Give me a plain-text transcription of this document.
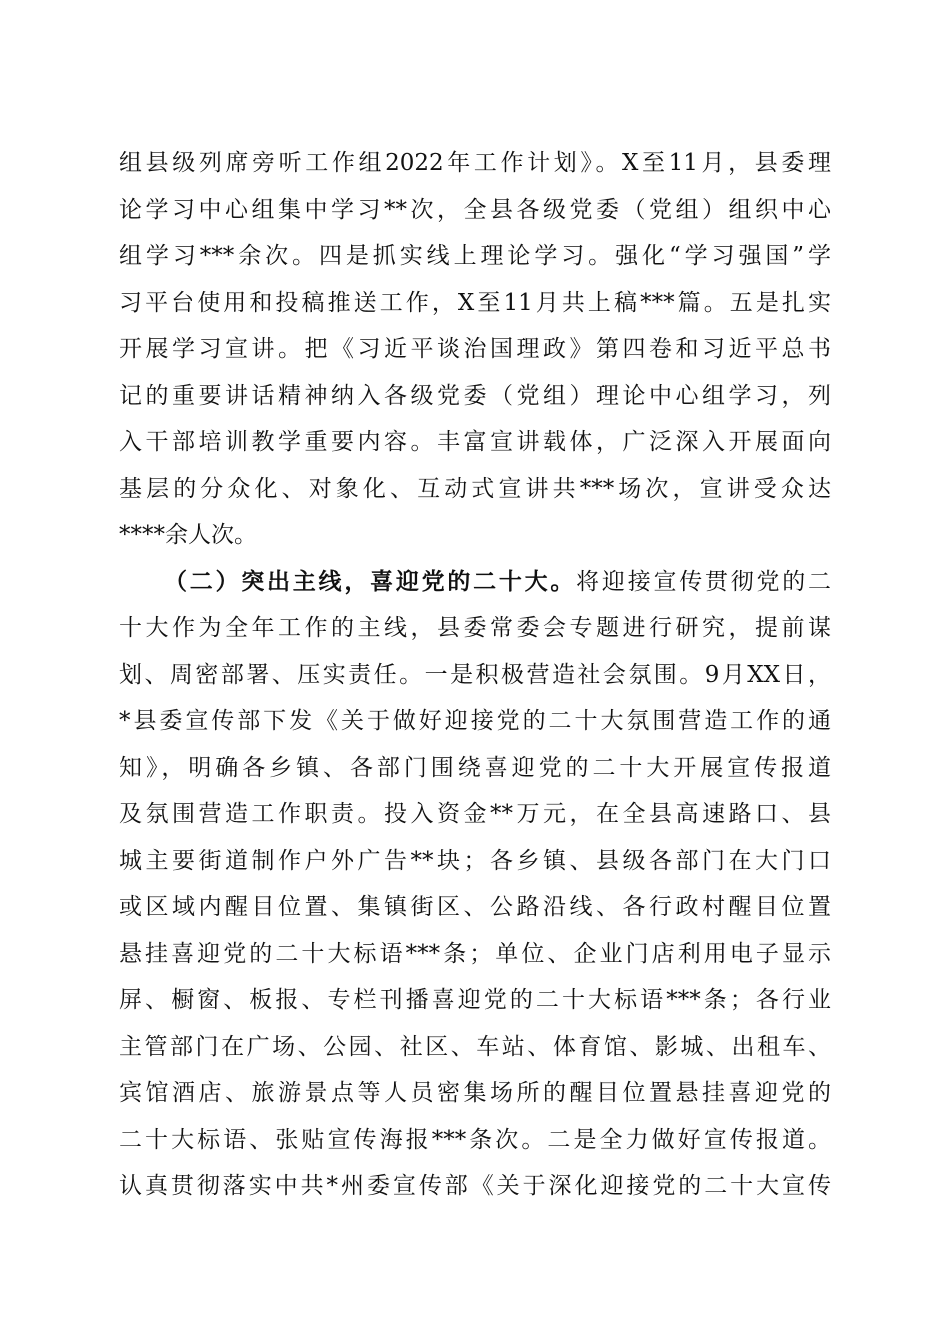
组县级列席旁听工作组2022年工作计划》。X至11月，县委理
论学习中心组集中学习**次，全县各级党委（党组）组织中心
组学习***余次。四是抓实线上理论学习。强化“学习强国”学
习平台使用和投稿推送工作，X至11月共上稿***篇。五是扎实
开展学习宣讲。把《习近平谈治国理政》第四卷和习近平总书
记的重要讲话精神纳入各级党委（党组）理论中心组学习，列
入干部培训教学重要内容。丰富宣讲载体，广泛深入开展面向
基层的分众化、对象化、互动式宣讲共***场次，宣讲受众达
****余人次。
（二）突出主线，喜迎党的二十大。将迎接宣传贯彻党的二
十大作为全年工作的主线，县委常委会专题进行研究，提前谋
划、周密部署、压实责任。一是积极营造社会氛围。9月XX日，
*县委宣传部下发《关于做好迎接党的二十大氛围营造工作的通
知》，明确各乡镇、各部门围绕喜迎党的二十大开展宣传报道
及氛围营造工作职责。投入资金**万元，在全县高速路口、县
城主要街道制作户外广告**块；各乡镇、县级各部门在大门口
或区域内醒目位置、集镇街区、公路沿线、各行政村醒目位置
悬挂喜迎党的二十大标语***条；单位、企业门店利用电子显示
屏、橱窗、板报、专栏刊播喜迎党的二十大标语***条；各行业
主管部门在广场、公园、社区、车站、体育馆、影城、出租车、
宾馆酒店、旅游景点等人员密集场所的醒目位置悬挂喜迎党的
二十大标语、张贴宣传海报***条次。二是全力做好宣传报道。
认真贯彻落实中共*州委宣传部《关于深化迎接党的二十大宣传
